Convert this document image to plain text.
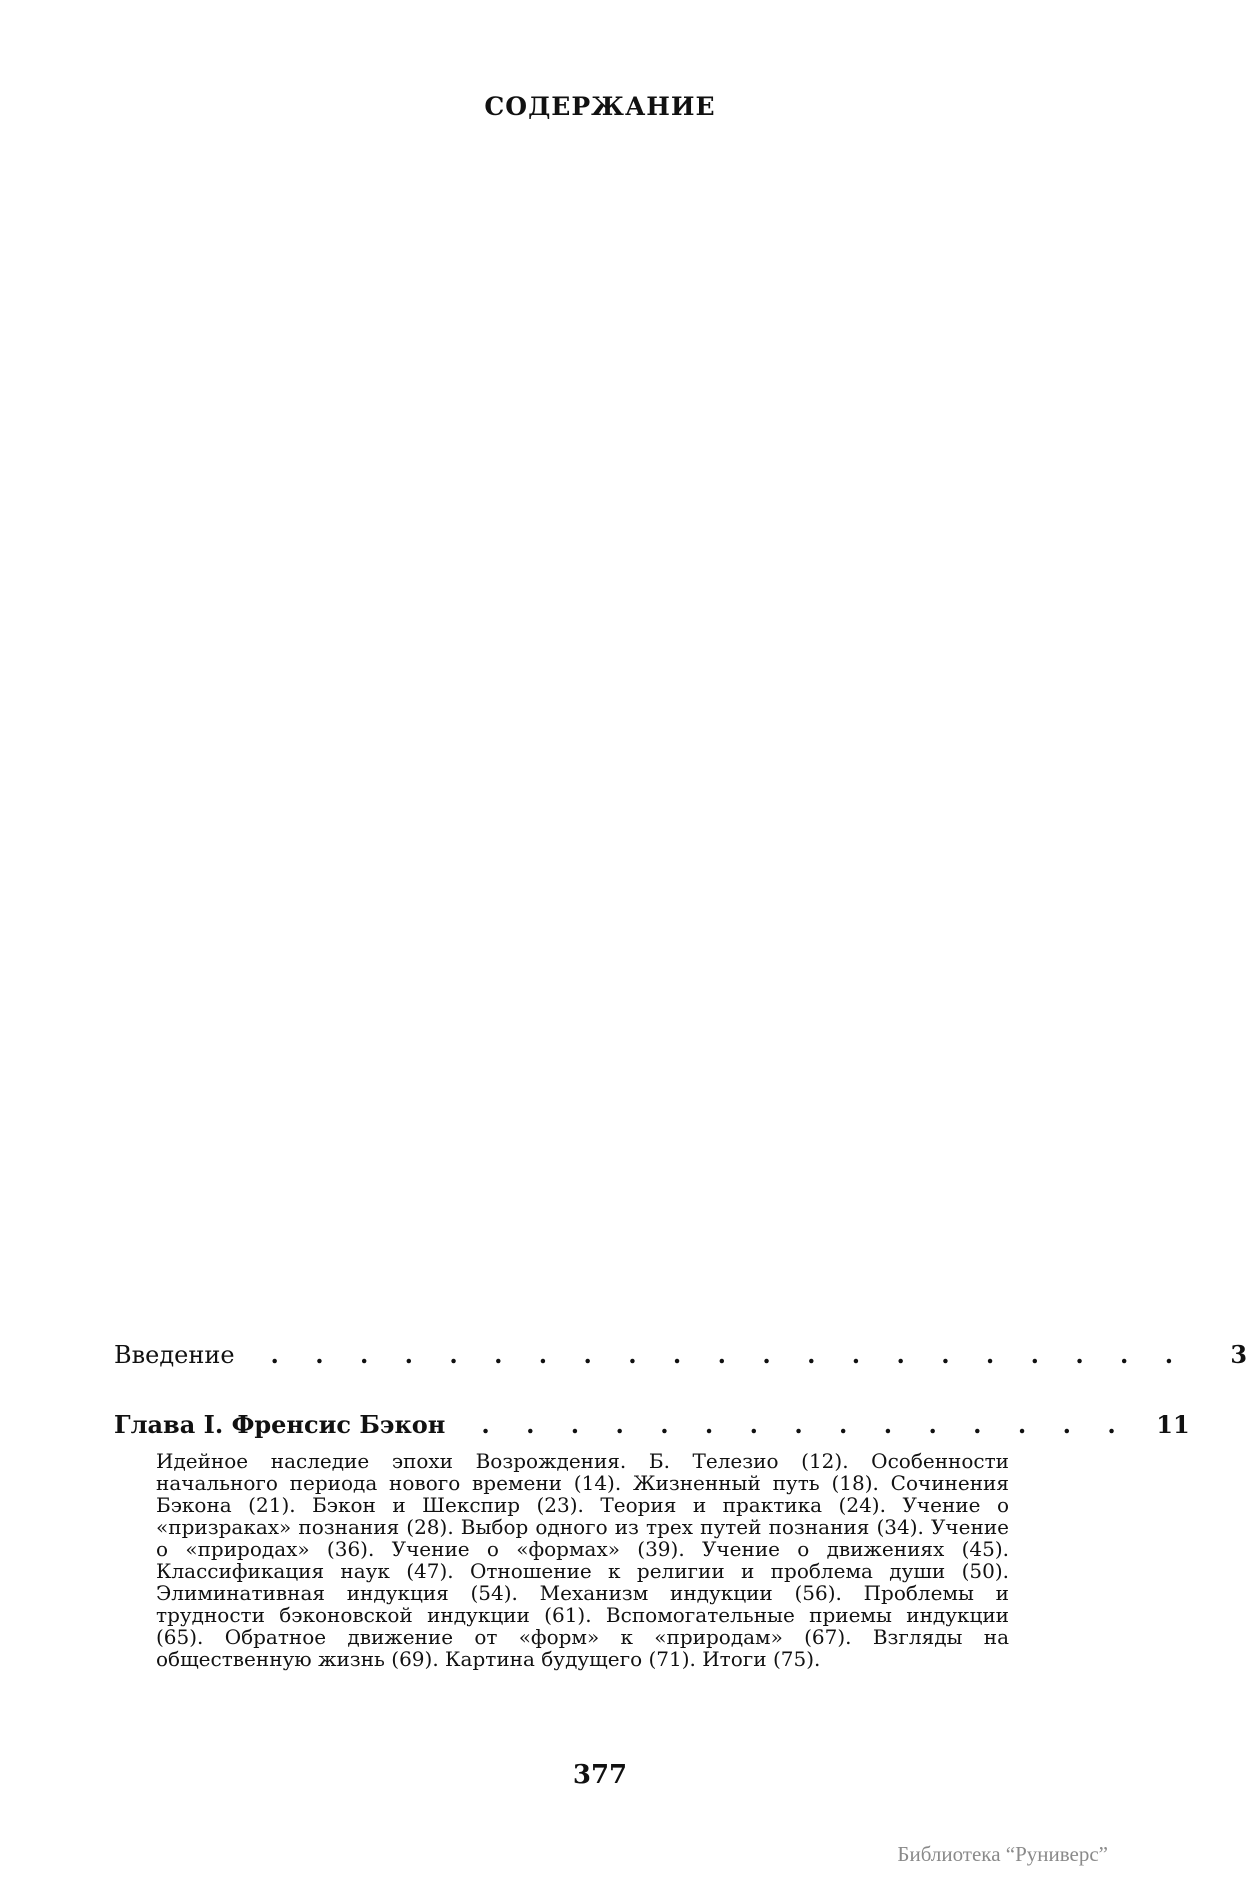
СОДЕРЖАНИЕ
Введение . . . . . . . . . . . . . . . . . . . . .	3
Глава I. Френсис Бэкон . . . . . . . . . . . . . . . 11
Идейное наследие эпохи Возрождения. Б. Телезио (12). Особенности начального периода нового времени (14). Жизненный путь (18). Сочинения Бэкона (21). Бэкон и Шекспир (23). Теория и практика (24). Учение о «призраках» познания (28). Выбор одного из трех путей познания (34). Учение о «природах» (36). Учение о «формах» (39). Учение о движениях (45). Классификация наук (47). Отношение к религии и проблема души (50). Элиминативная индукция (54). Механизм индукции (56). Проблемы и трудности бэконовской индукции (61). Вспомогательные приемы индукции (65). Обратное движение от «форм» к «природам» (67). Взгляды на общественную жизнь (69). Картина будущего (71). Итоги (75).
377
Библиотека “Руниверс”
